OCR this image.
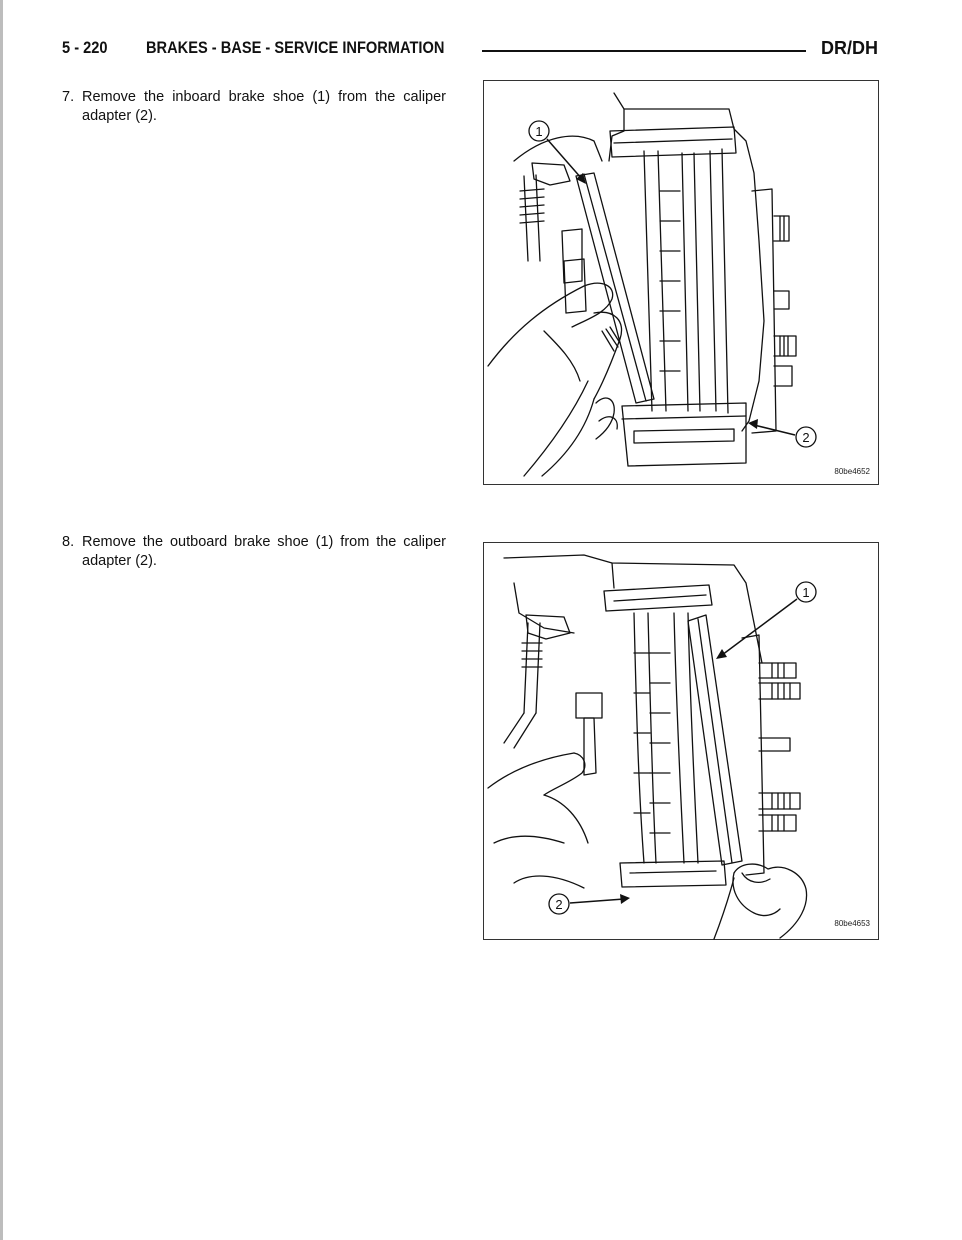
5 - 220 BRAKES - BASE - SERVICE INFORMATION	DR/DH
7. Remove the inboard brake shoe (1) from the caliper adapter (2).
1
2
80be4652
8. Remove the outboard brake shoe (1) from the caliper adapter (2).
1
2
80be4653
